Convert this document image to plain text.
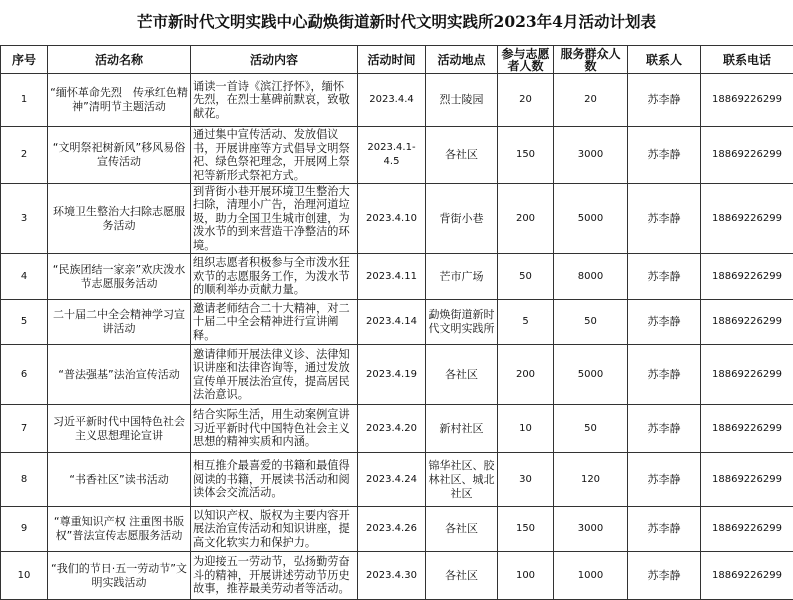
芒市新时代文明实践中心勐焕街道新时代文明实践所2023年4月活动计划表
序号	活动名称	活动内容	活动时间	活动地点	参与志愿者人数	服务群众人数	联系人	联系电话
1	“缅怀革命先烈　传承红色精神”清明节主题活动	诵读一首诗《滨江抒怀》，缅怀先烈，在烈士墓碑前默哀，致敬献花。	2023.4.4	烈士陵园	20	20	苏李静	18869226299
2	“文明祭祀树新风”移风易俗宣传活动	通过集中宣传活动、发放倡议书，开展讲座等方式倡导文明祭祀、绿色祭祀理念，开展网上祭祀等新形式祭祀方式。	2023.4.1-4.5	各社区	150	3000	苏李静	18869226299
3	环境卫生整治大扫除志愿服务活动	到背街小巷开展环境卫生整治大扫除，清理小广告，治理河道垃圾，助力全国卫生城市创建，为泼水节的到来营造干净整洁的环境。	2023.4.10	背街小巷	200	5000	苏李静	18869226299
4	“民族团结一家亲”欢庆泼水节志愿服务活动	组织志愿者积极参与全市泼水狂欢节的志愿服务工作，为泼水节的顺利举办贡献力量。	2023.4.11	芒市广场	50	8000	苏李静	18869226299
5	二十届二中全会精神学习宣讲活动	邀请老师结合二十大精神，对二十届二中全会精神进行宣讲阐释。	2023.4.14	勐焕街道新时代文明实践所	5	50	苏李静	18869226299
6	“普法强基”法治宣传活动	邀请律师开展法律义诊、法律知识讲座和法律咨询等，通过发放宣传单开展法治宣传，提高居民法治意识。	2023.4.19	各社区	200	5000	苏李静	18869226299
7	习近平新时代中国特色社会主义思想理论宣讲	结合实际生活，用生动案例宣讲习近平新时代中国特色社会主义思想的精神实质和内涵。	2023.4.20	新村社区	10	50	苏李静	18869226299
8	“书香社区”读书活动	相互推介最喜爱的书籍和最值得阅读的书籍，开展读书活动和阅读体会交流活动。	2023.4.24	锦华社区、胶林社区、城北社区	30	120	苏李静	18869226299
9	“尊重知识产权 注重图书版权”普法宣传志愿服务活动	以知识产权、版权为主要内容开展法治宣传活动和知识讲座，提高文化软实力和保护力。	2023.4.26	各社区	150	3000	苏李静	18869226299
10	“我们的节日·五一劳动节”文明实践活动	为迎接五一劳动节，弘扬勤劳奋斗的精神，开展讲述劳动节历史故事，推荐最美劳动者等活动。	2023.4.30	各社区	100	1000	苏李静	18869226299
